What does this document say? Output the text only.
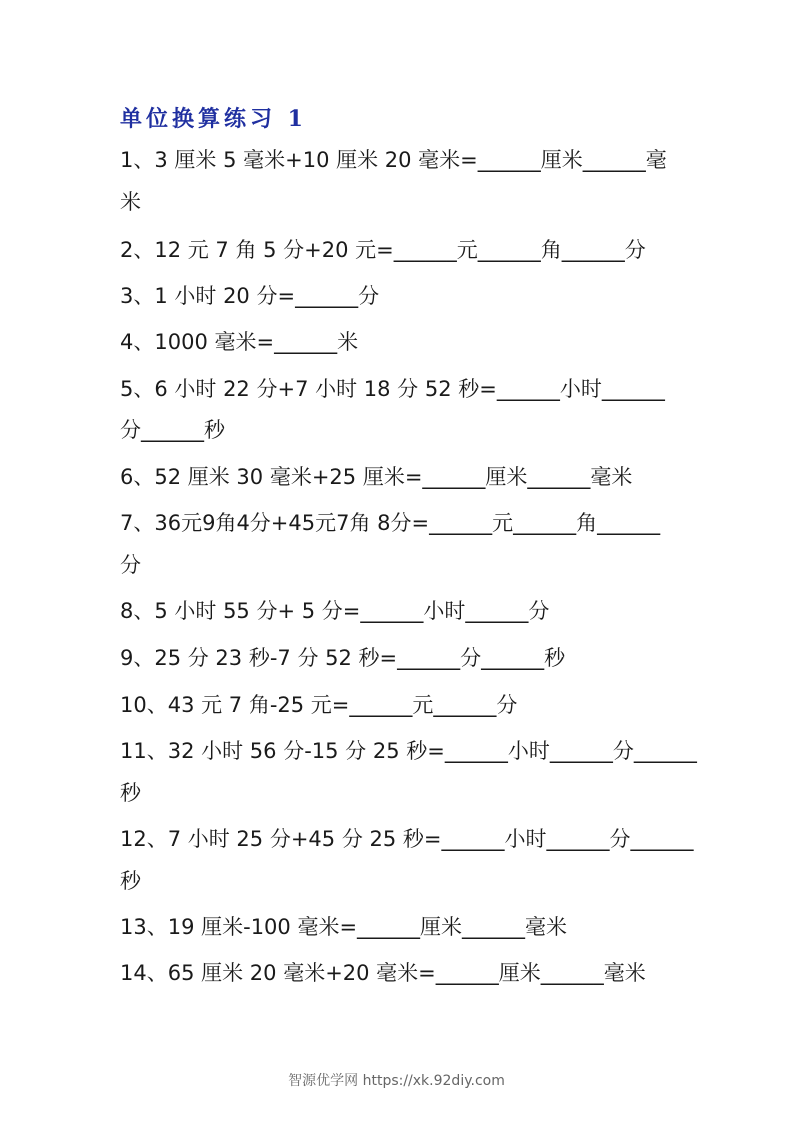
单位换算练习 1
1、3 厘米 5 毫米+10 厘米 20 毫米=______厘米______毫
米
2、12 元 7 角 5 分+20 元=______元______角______分
3、1 小时 20 分=______分
4、1000 毫米=______米
5、6 小时 22 分+7 小时 18 分 52 秒=______小时______
分______秒
6、52 厘米 30 毫米+25 厘米=______厘米______毫米
7、36元9角4分+45元7角 8分=______元______角______
分
8、5 小时 55 分+ 5 分=______小时______分
9、25 分 23 秒-7 分 52 秒=______分______秒
10、43 元 7 角-25 元=______元______分
11、32 小时 56 分-15 分 25 秒=______小时______分______
秒
12、7 小时 25 分+45 分 25 秒=______小时______分______
秒
13、19 厘米-100 毫米=______厘米______毫米
14、65 厘米 20 毫米+20 毫米=______厘米______毫米
智源优学网 https://xk.92diy.com
